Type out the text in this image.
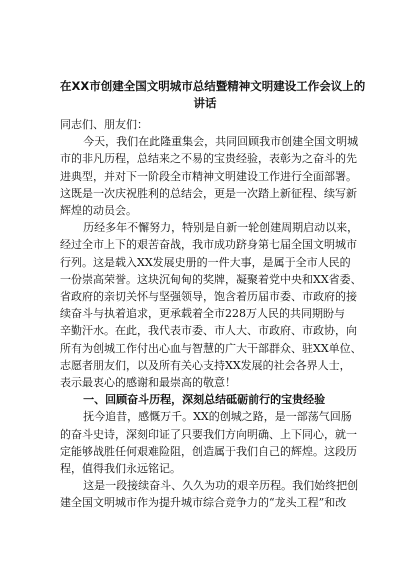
在XX市创建全国文明城市总结暨精神文明建设工作会议上的
讲话

同志们、朋友们：

今天，我们在此隆重集会，共同回顾我市创建全国文明城
市的非凡历程，总结来之不易的宝贵经验，表彰为之奋斗的先
进典型，并对下一阶段全市精神文明建设工作进行全面部署。
这既是一次庆祝胜利的总结会，更是一次踏上新征程、续写新
辉煌的动员会。

历经多年不懈努力，特别是自新一轮创建周期启动以来，
经过全市上下的艰苦奋战，我市成功跻身第七届全国文明城市
行列。这是载入XX发展史册的一件大事，是属于全市人民的
一份崇高荣誉。这块沉甸甸的奖牌，凝聚着党中央和XX省委、
省政府的亲切关怀与坚强领导，饱含着历届市委、市政府的接
续奋斗与执着追求，更承载着全市228万人民的共同期盼与
辛勤汗水。在此，我代表市委、市人大、市政府、市政协，向
所有为创城工作付出心血与智慧的广大干部群众、驻XX单位、
志愿者朋友们，以及所有关心支持XX发展的社会各界人士，
表示最衷心的感谢和最崇高的敬意！

一、回顾奋斗历程，深刻总结砥砺前行的宝贵经验

抚今追昔，感慨万千。XX的创城之路，是一部荡气回肠
的奋斗史诗，深刻印证了只要我们方向明确、上下同心，就一
定能够战胜任何艰难险阻，创造属于我们自己的辉煌。这段历
程，值得我们永远铭记。

这是一段接续奋斗、久久为功的艰辛历程。我们始终把创
建全国文明城市作为提升城市综合竞争力的“龙头工程”和改
